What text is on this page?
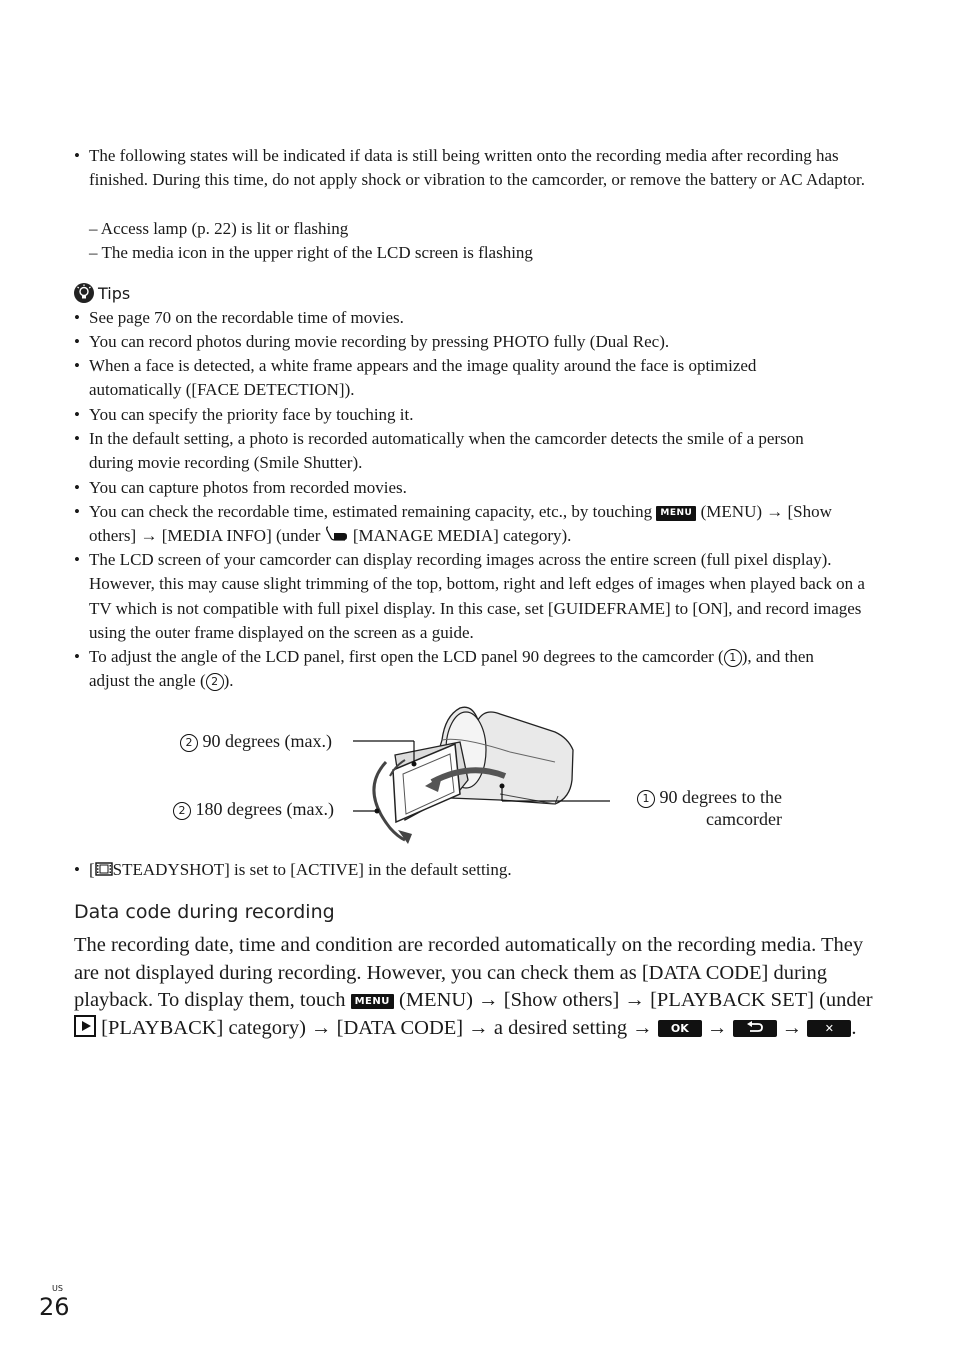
• The following states will be indicated if data is still being written onto the recording media after recording has finished. During this time, do not apply shock or vibration to the camcorder, or remove the battery or AC Adaptor.
– Access lamp (p. 22) is lit or flashing
– The media icon in the upper right of the LCD screen is flashing
Tips
• See page 70 on the recordable time of movies.
• You can record photos during movie recording by pressing PHOTO fully (Dual Rec).
• When a face is detected, a white frame appears and the image quality around the face is optimized automatically ([FACE DETECTION]).
• You can specify the priority face by touching it.
• In the default setting, a photo is recorded automatically when the camcorder detects the smile of a person during movie recording (Smile Shutter).
• You can capture photos from recorded movies.
• You can check the recordable time, estimated remaining capacity, etc., by touching MENU (MENU) → [Show others] → [MEDIA INFO] (under [MANAGE MEDIA] category).
• The LCD screen of your camcorder can display recording images across the entire screen (full pixel display). However, this may cause slight trimming of the top, bottom, right and left edges of images when played back on a TV which is not compatible with full pixel display. In this case, set [GUIDEFRAME] to [ON], and record images using the outer frame displayed on the screen as a guide.
• To adjust the angle of the LCD panel, first open the LCD panel 90 degrees to the camcorder ( 1 ), and then adjust the angle ( 2 ).
2 90 degrees (max.)
2 180 degrees (max.)
1 90 degrees to the
camcorder
• [ STEADYSHOT] is set to [ACTIVE] in the default setting.
Data code during recording
The recording date, time and condition are recorded automatically on the recording media. They are not displayed during recording. However, you can check them as [DATA CODE] during playback. To display them, touch MENU (MENU) → [Show others] → [PLAYBACK SET] (under  [PLAYBACK] category) → [DATA CODE] → a desired setting → OK →	→ ✕ .
US
26
